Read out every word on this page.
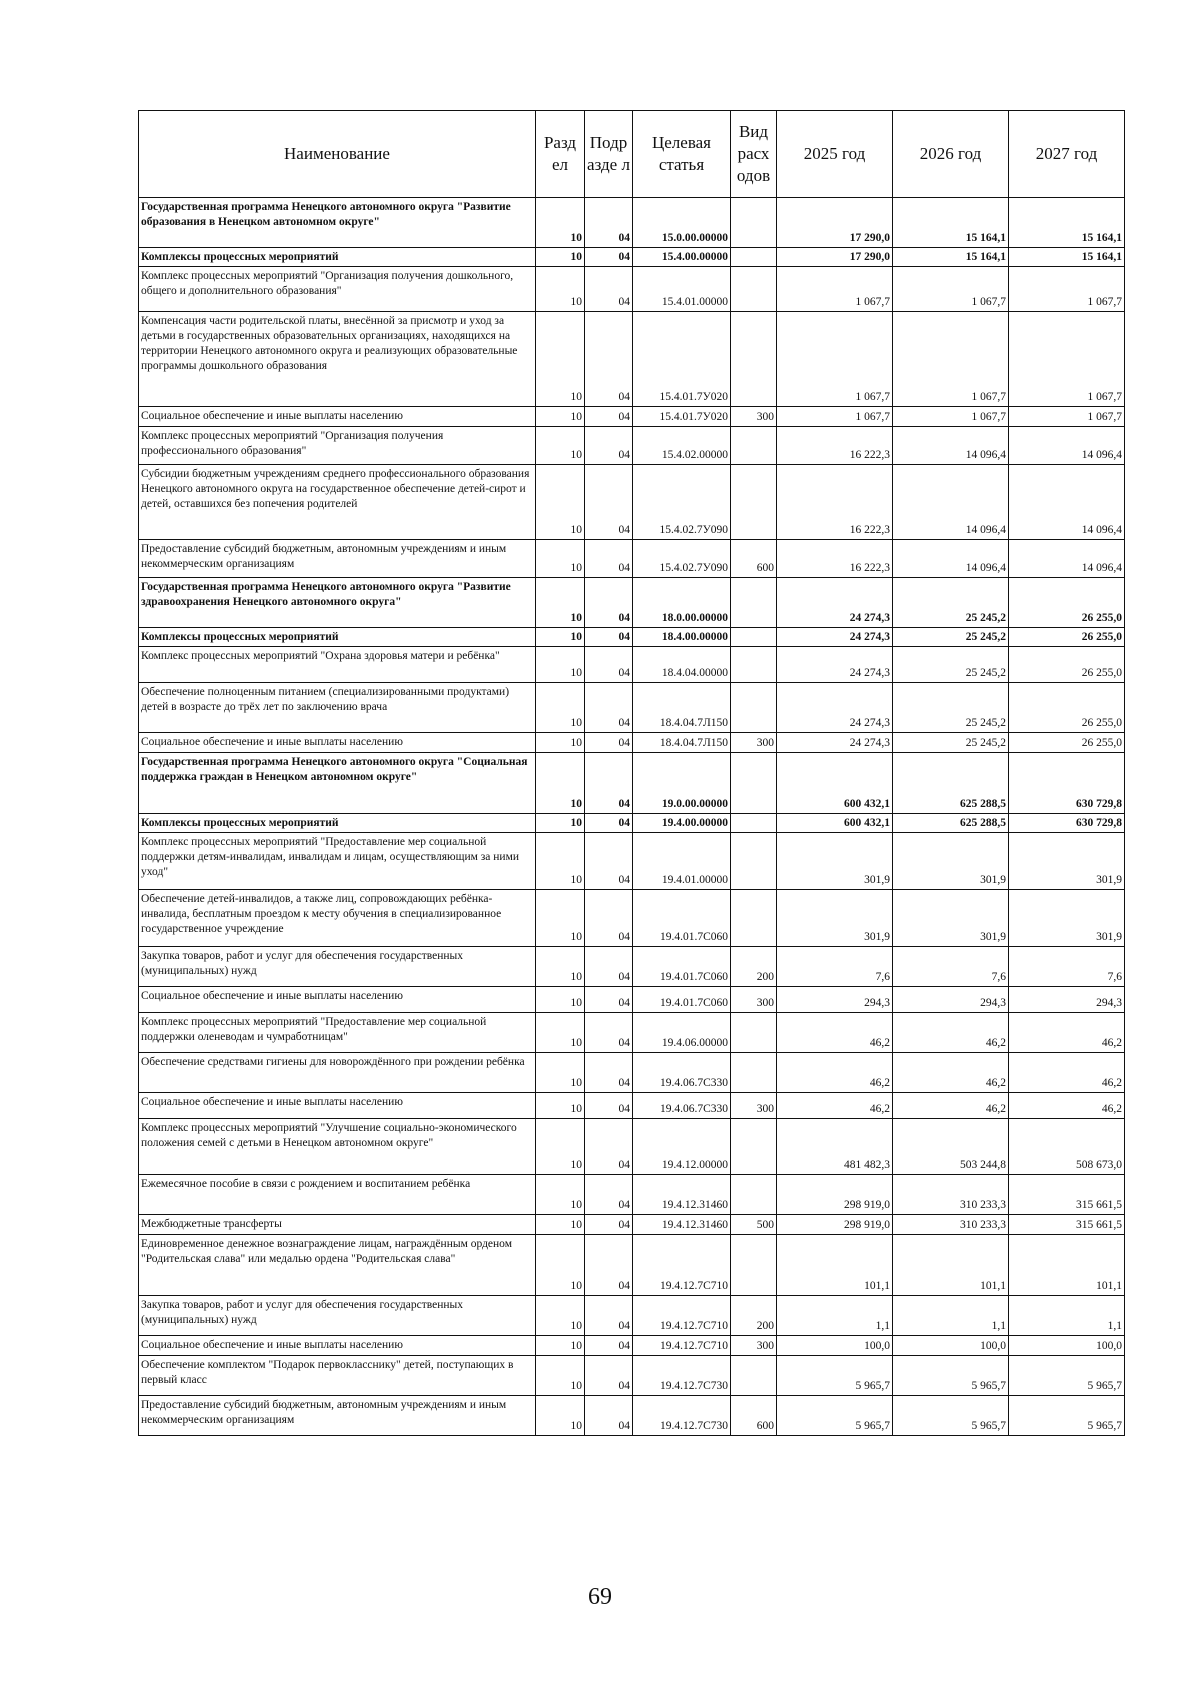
Наименование	Разд ел	Подр азде л	Целевая статья	Вид расх одов	2025 год	2026 год	2027 год
Государственная программа Ненецкого автономного округа "Развитие образования в Ненецком автономном округе"	10	04	15.0.00.00000		17 290,0	15 164,1	15 164,1
Комплексы процессных мероприятий	10	04	15.4.00.00000		17 290,0	15 164,1	15 164,1
Комплекс процессных мероприятий "Организация получения дошкольного, общего и дополнительного образования"	10	04	15.4.01.00000		1 067,7	1 067,7	1 067,7
Компенсация части родительской платы, внесённой за присмотр и уход за детьми в государственных образовательных организациях, находящихся на территории Ненецкого автономного округа и реализующих образовательные программы дошкольного образования	10	04	15.4.01.7У020		1 067,7	1 067,7	1 067,7
Социальное обеспечение и иные выплаты населению	10	04	15.4.01.7У020	300	1 067,7	1 067,7	1 067,7
Комплекс процессных мероприятий "Организация получения профессионального образования"	10	04	15.4.02.00000		16 222,3	14 096,4	14 096,4
Субсидии бюджетным учреждениям среднего профессионального образования Ненецкого автономного округа на государственное обеспечение детей-сирот и детей, оставшихся без попечения родителей	10	04	15.4.02.7У090		16 222,3	14 096,4	14 096,4
Предоставление субсидий бюджетным, автономным учреждениям и иным некоммерческим организациям	10	04	15.4.02.7У090	600	16 222,3	14 096,4	14 096,4
Государственная программа Ненецкого автономного округа "Развитие здравоохранения Ненецкого автономного округа"	10	04	18.0.00.00000		24 274,3	25 245,2	26 255,0
Комплексы процессных мероприятий	10	04	18.4.00.00000		24 274,3	25 245,2	26 255,0
Комплекс процессных мероприятий "Охрана здоровья матери и ребёнка"	10	04	18.4.04.00000		24 274,3	25 245,2	26 255,0
Обеспечение полноценным питанием (специализированными продуктами) детей в возрасте до трёх лет по заключению врача	10	04	18.4.04.7Л150		24 274,3	25 245,2	26 255,0
Социальное обеспечение и иные выплаты населению	10	04	18.4.04.7Л150	300	24 274,3	25 245,2	26 255,0
Государственная программа Ненецкого автономного округа "Социальная поддержка граждан в Ненецком автономном округе"	10	04	19.0.00.00000		600 432,1	625 288,5	630 729,8
Комплексы процессных мероприятий	10	04	19.4.00.00000		600 432,1	625 288,5	630 729,8
Комплекс процессных мероприятий "Предоставление мер социальной поддержки детям-инвалидам, инвалидам и лицам, осуществляющим за ними уход"	10	04	19.4.01.00000		301,9	301,9	301,9
Обеспечение детей-инвалидов, а также лиц, сопровождающих ребёнка-инвалида, бесплатным проездом к месту обучения в специализированное государственное учреждение	10	04	19.4.01.7С060		301,9	301,9	301,9
Закупка товаров, работ и услуг для обеспечения государственных (муниципальных) нужд	10	04	19.4.01.7С060	200	7,6	7,6	7,6
Социальное обеспечение и иные выплаты населению	10	04	19.4.01.7С060	300	294,3	294,3	294,3
Комплекс процессных мероприятий "Предоставление мер социальной поддержки оленеводам и чумработницам"	10	04	19.4.06.00000		46,2	46,2	46,2
Обеспечение средствами гигиены для новорождённого при рождении ребёнка	10	04	19.4.06.7С330		46,2	46,2	46,2
Социальное обеспечение и иные выплаты населению	10	04	19.4.06.7С330	300	46,2	46,2	46,2
Комплекс процессных мероприятий "Улучшение социально-экономического положения семей с детьми в Ненецком автономном округе"	10	04	19.4.12.00000		481 482,3	503 244,8	508 673,0
Ежемесячное пособие в связи с рождением и воспитанием ребёнка	10	04	19.4.12.31460		298 919,0	310 233,3	315 661,5
Межбюджетные трансферты	10	04	19.4.12.31460	500	298 919,0	310 233,3	315 661,5
Единовременное денежное вознаграждение лицам, награждённым орденом "Родительская слава" или медалью ордена "Родительская слава"	10	04	19.4.12.7С710		101,1	101,1	101,1
Закупка товаров, работ и услуг для обеспечения государственных (муниципальных) нужд	10	04	19.4.12.7С710	200	1,1	1,1	1,1
Социальное обеспечение и иные выплаты населению	10	04	19.4.12.7С710	300	100,0	100,0	100,0
Обеспечение комплектом "Подарок первокласснику" детей, поступающих в первый класс	10	04	19.4.12.7С730		5 965,7	5 965,7	5 965,7
Предоставление субсидий бюджетным, автономным учреждениям и иным некоммерческим организациям	10	04	19.4.12.7С730	600	5 965,7	5 965,7	5 965,7
69
